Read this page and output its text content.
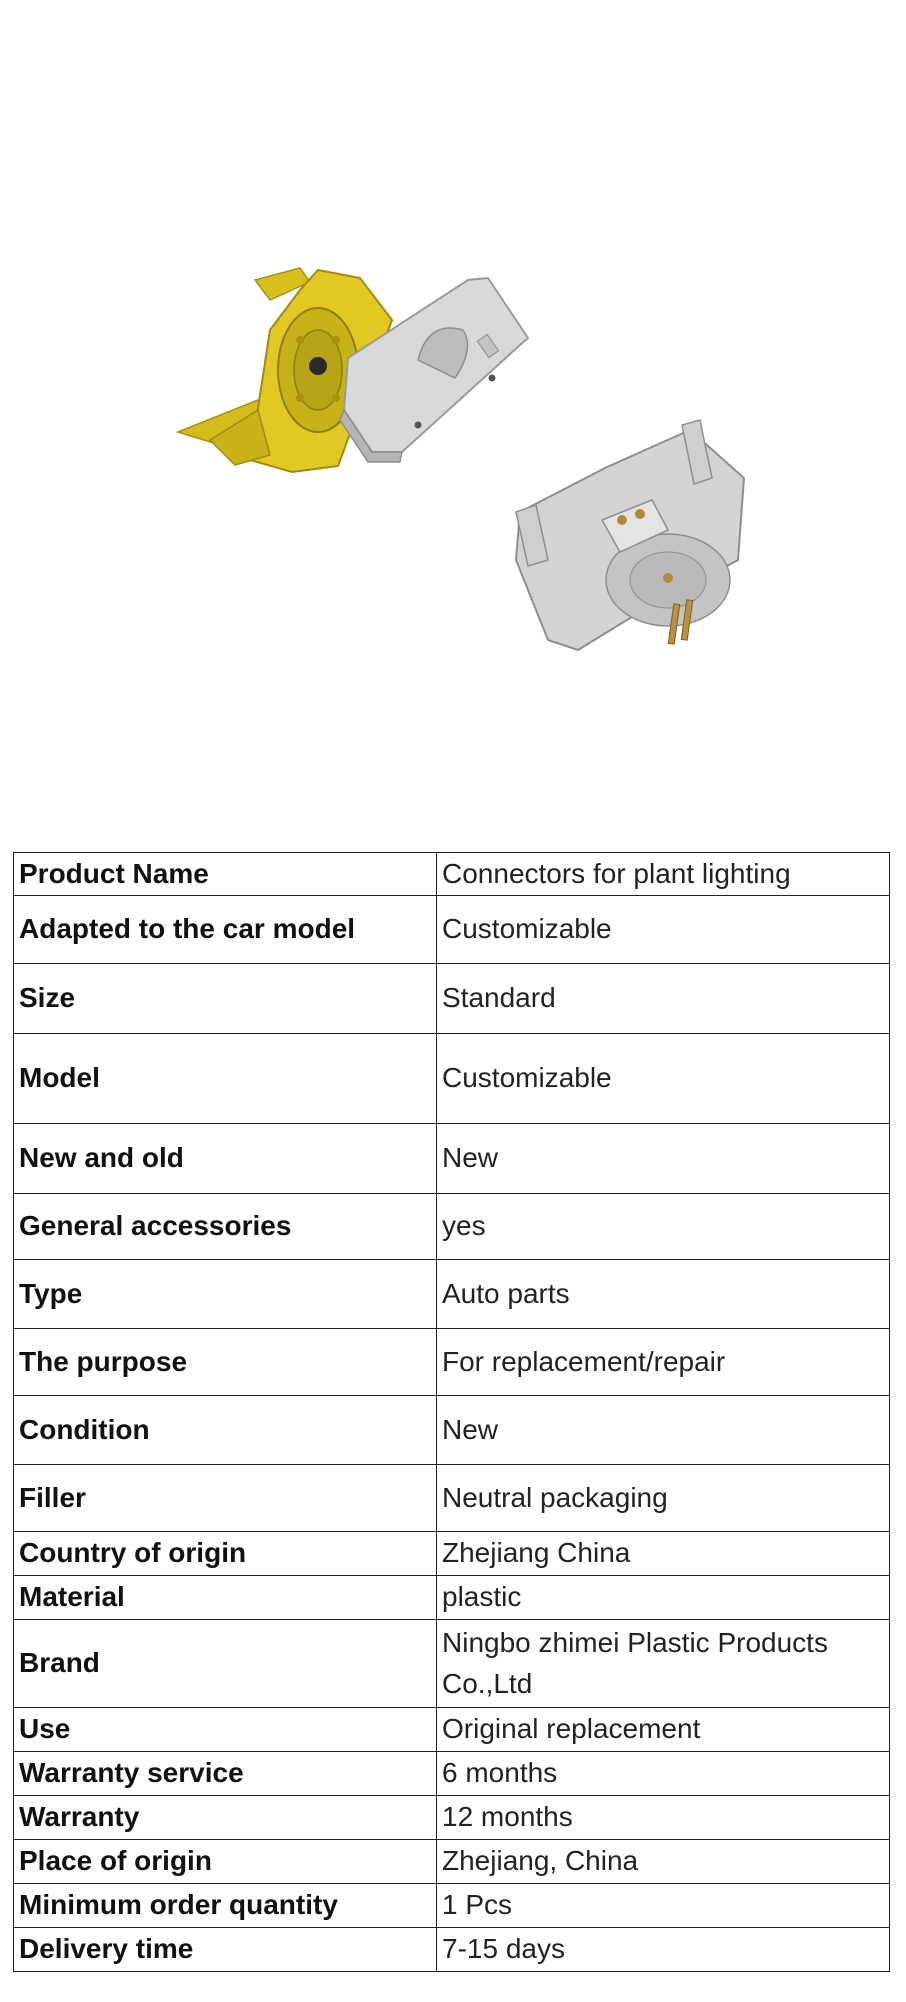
Product Name	Connectors for plant lighting
Adapted to the car model	Customizable
Size	Standard
Model	Customizable
New and old	New
General accessories	yes
Type	Auto parts
The purpose	For replacement/repair
Condition	New
Filler	Neutral packaging
Country of origin	Zhejiang China
Material	plastic
Brand	Ningbo zhimei Plastic Products Co.,Ltd
Use	Original replacement
Warranty service	6 months
Warranty	12 months
Place of origin	Zhejiang, China
Minimum order quantity	1 Pcs
Delivery time	7-15 days
